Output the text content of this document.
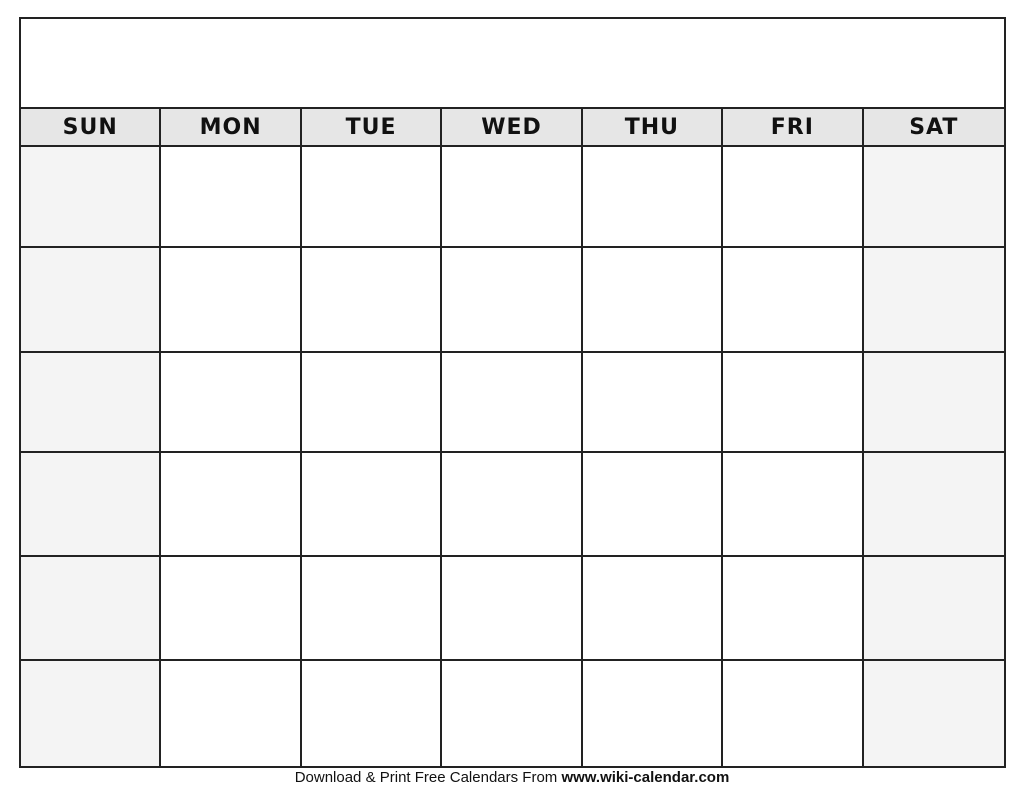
SUN	MON	TUE	WED	THU	FRI	SAT
Download & Print Free Calendars From www.wiki-calendar.com
